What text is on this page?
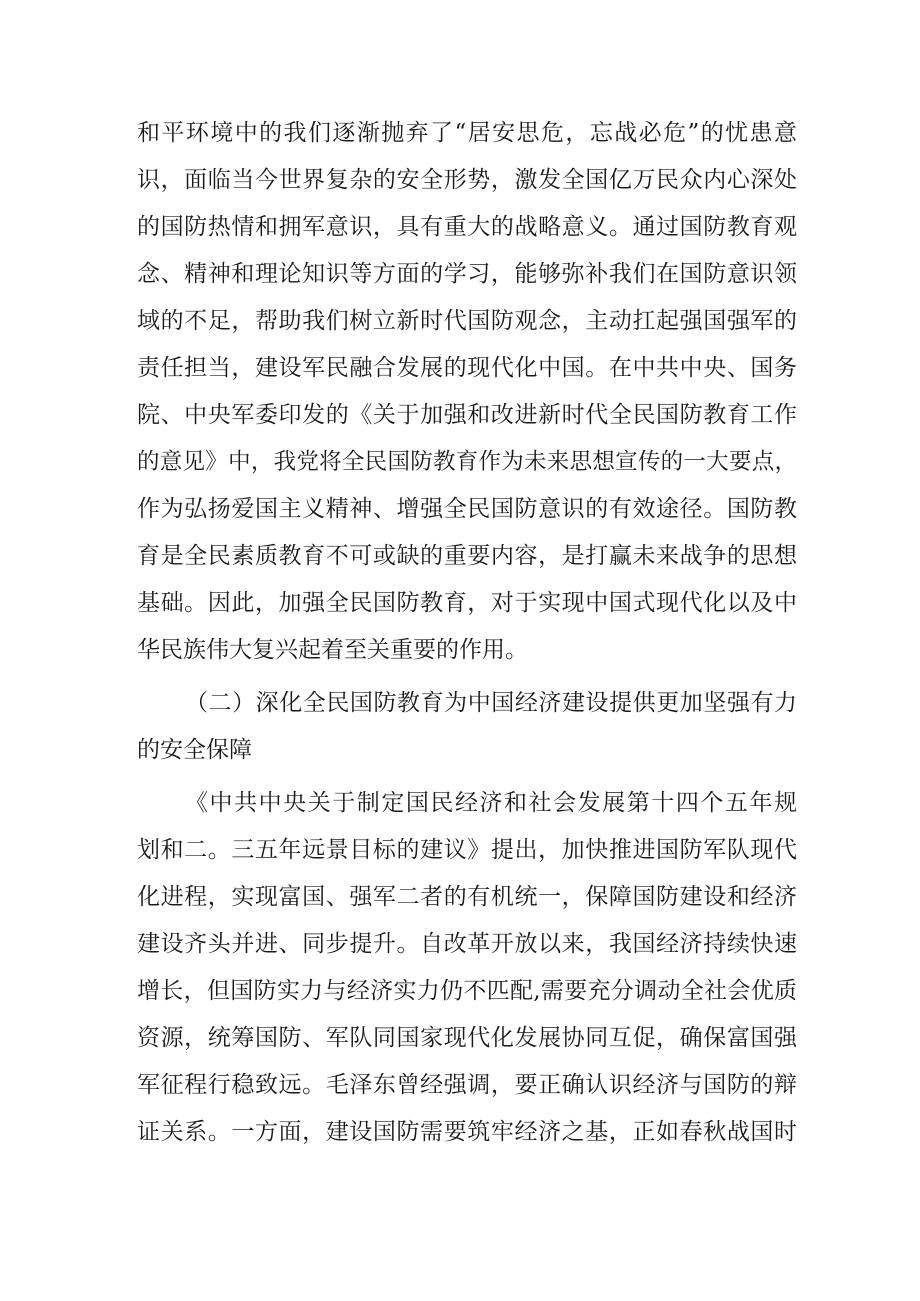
和平环境中的我们逐渐抛弃了“居安思危，忘战必危”的忧患意

识，面临当今世界复杂的安全形势，激发全国亿万民众内心深处

的国防热情和拥军意识，具有重大的战略意义。通过国防教育观

念、精神和理论知识等方面的学习，能够弥补我们在国防意识领

域的不足，帮助我们树立新时代国防观念，主动扛起强国强军的

责任担当，建设军民融合发展的现代化中国。在中共中央、国务

院、中央军委印发的《关于加强和改进新时代全民国防教育工作

的意见》中，我党将全民国防教育作为未来思想宣传的一大要点，

作为弘扬爱国主义精神、增强全民国防意识的有效途径。国防教

育是全民素质教育不可或缺的重要内容，是打赢未来战争的思想

基础。因此，加强全民国防教育，对于实现中国式现代化以及中

华民族伟大复兴起着至关重要的作用。

（二）深化全民国防教育为中国经济建设提供更加坚强有力

的安全保障

《中共中央关于制定国民经济和社会发展第十四个五年规

划和二。三五年远景目标的建议》提出，加快推进国防军队现代

化进程，实现富国、强军二者的有机统一，保障国防建设和经济

建设齐头并进、同步提升。自改革开放以来，我国经济持续快速

增长，但国防实力与经济实力仍不匹配,需要充分调动全社会优质

资源，统筹国防、军队同国家现代化发展协同互促，确保富国强

军征程行稳致远。毛泽东曾经强调，要正确认识经济与国防的辩

证关系。一方面，建设国防需要筑牢经济之基，正如春秋战国时
